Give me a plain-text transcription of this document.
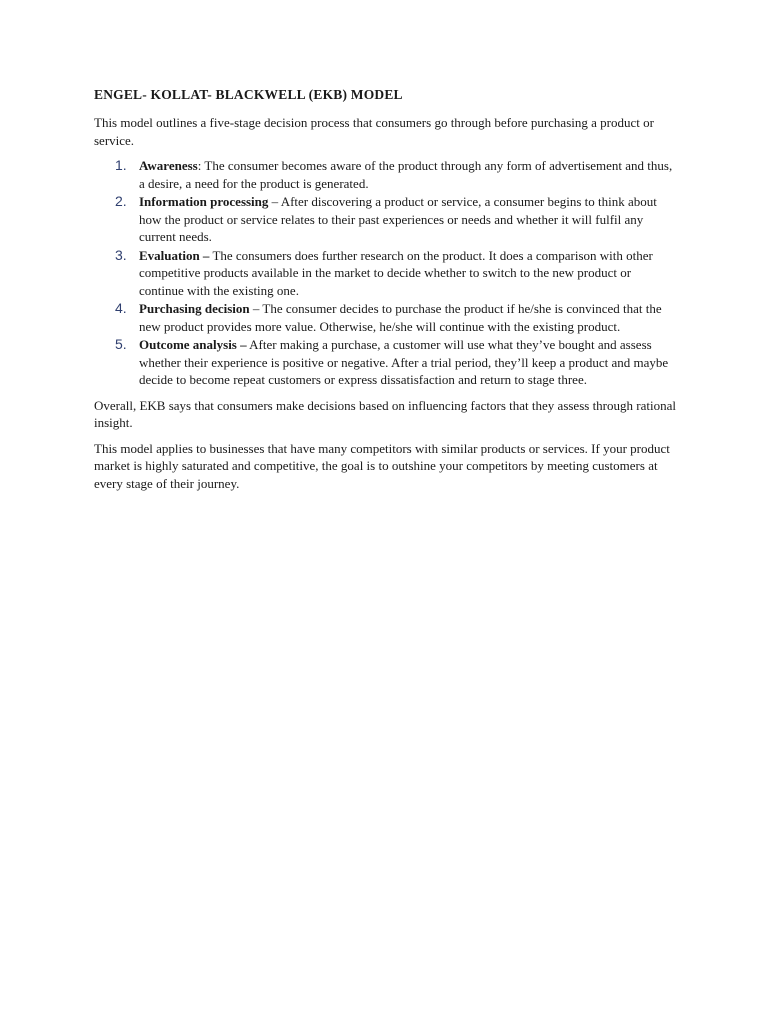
ENGEL- KOLLAT- BLACKWELL (EKB) MODEL

This model outlines a five-stage decision process that consumers go through before purchasing a product or service.

1. Awareness: The consumer becomes aware of the product through any form of advertisement and thus, a desire, a need for the product is generated.
2. Information processing – After discovering a product or service, a consumer begins to think about how the product or service relates to their past experiences or needs and whether it will fulfil any current needs.
3. Evaluation – The consumers does further research on the product. It does a comparison with other competitive products available in the market to decide whether to switch to the new product or continue with the existing one.
4. Purchasing decision – The consumer decides to purchase the product if he/she is convinced that the new product provides more value. Otherwise, he/she will continue with the existing product.
5. Outcome analysis – After making a purchase, a customer will use what they’ve bought and assess whether their experience is positive or negative. After a trial period, they’ll keep a product and maybe decide to become repeat customers or express dissatisfaction and return to stage three.

Overall, EKB says that consumers make decisions based on influencing factors that they assess through rational insight.

This model applies to businesses that have many competitors with similar products or services. If your product market is highly saturated and competitive, the goal is to outshine your competitors by meeting customers at every stage of their journey.
